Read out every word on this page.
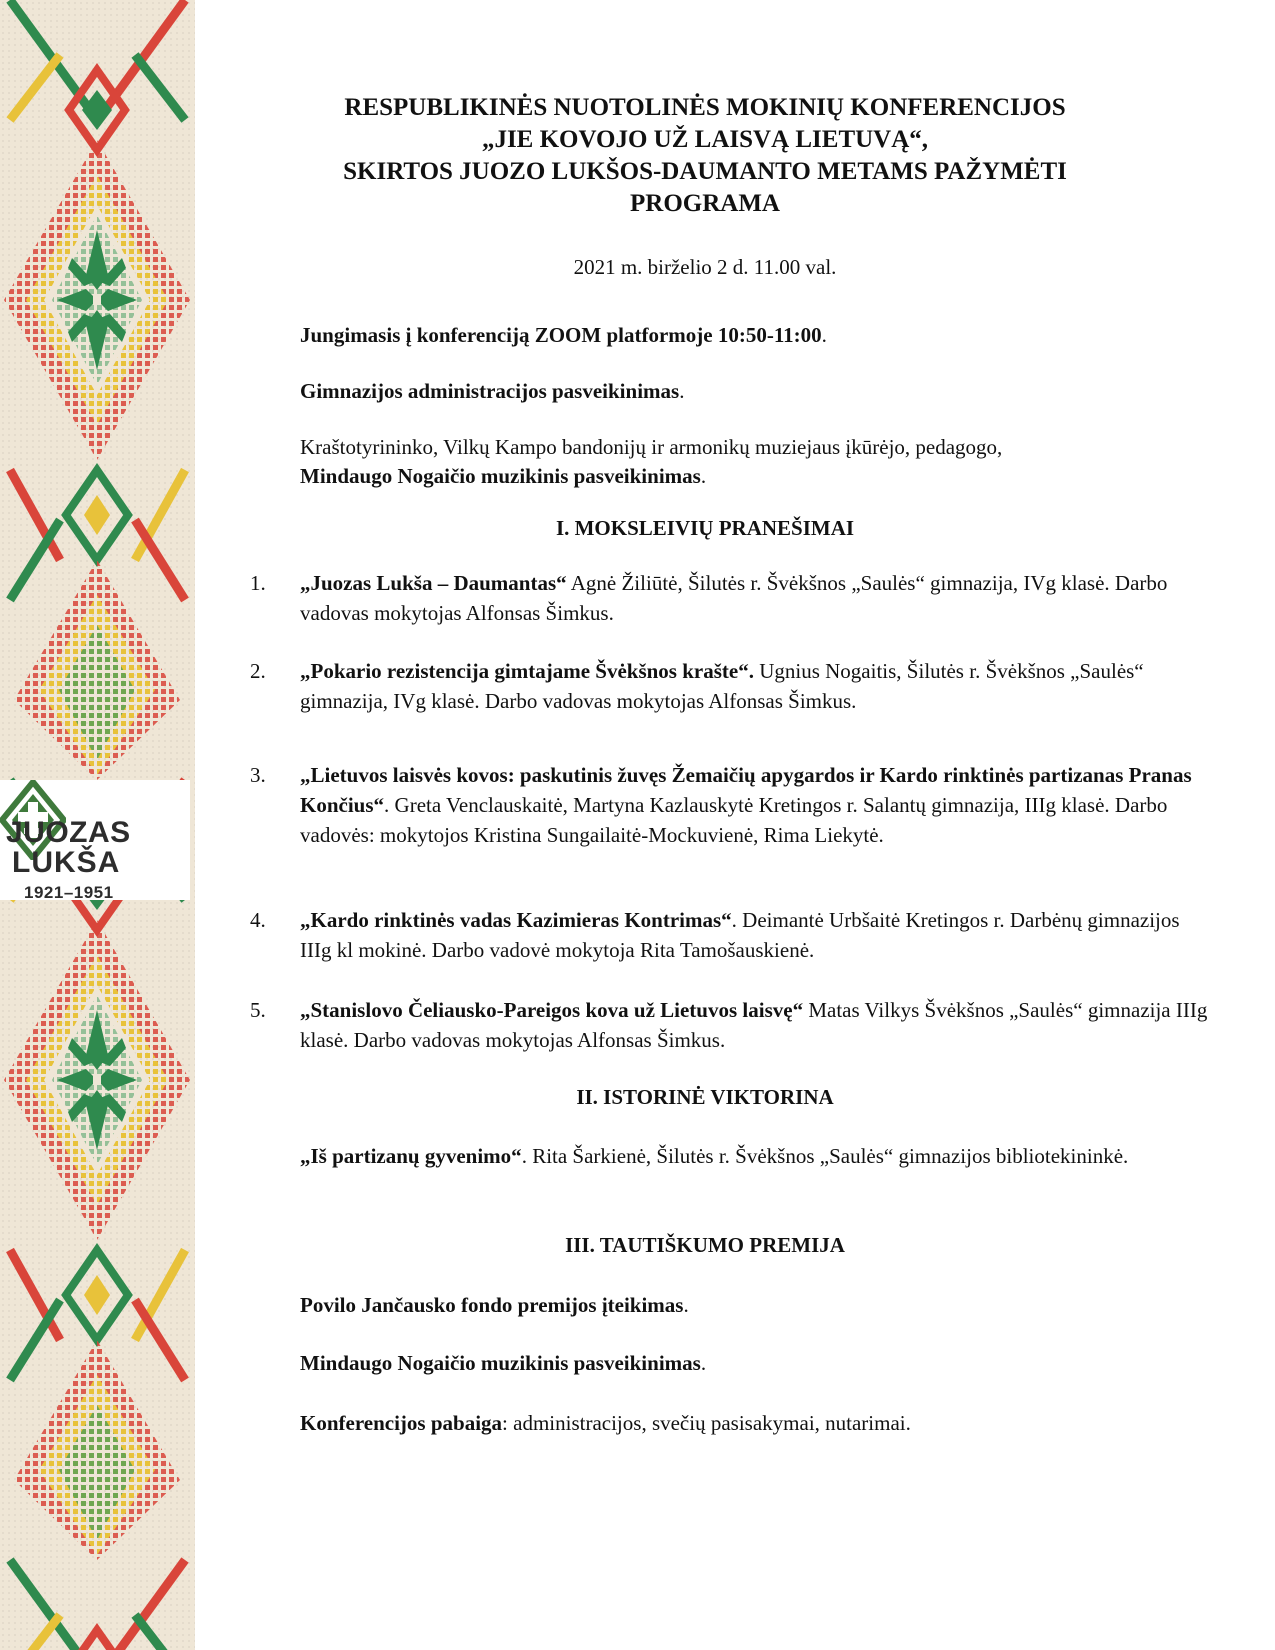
JUOZAS
LUKŠA
1921–1951
RESPUBLIKINĖS NUOTOLINĖS MOKINIŲ KONFERENCIJOS
„JIE KOVOJO UŽ LAISVĄ LIETUVĄ“,
SKIRTOS JUOZO LUKŠOS-DAUMANTO METAMS PAŽYMĖTI
PROGRAMA
2021 m. birželio 2 d. 11.00 val.
Jungimasis į konferenciją ZOOM platformoje 10:50-11:00.
Gimnazijos administracijos pasveikinimas.
Kraštotyrininko, Vilkų Kampo bandonijų ir armonikų muziejaus įkūrėjo, pedagogo,
Mindaugo Nogaičio muzikinis pasveikinimas.
I. MOKSLEIVIŲ PRANEŠIMAI
1.	„Juozas Lukša – Daumantas“ Agnė Žiliūtė, Šilutės r. Švėkšnos „Saulės“ gimnazija, IVg klasė. Darbo vadovas mokytojas Alfonsas Šimkus.
2.	„Pokario rezistencija gimtajame Švėkšnos krašte“. Ugnius Nogaitis, Šilutės r. Švėkšnos „Saulės“ gimnazija, IVg klasė. Darbo vadovas mokytojas Alfonsas Šimkus.
3.	„Lietuvos laisvės kovos: paskutinis žuvęs Žemaičių apygardos ir Kardo rinktinės partizanas Pranas Končius“. Greta Venclauskaitė, Martyna Kazlauskytė Kretingos r. Salantų gimnazija, IIIg klasė. Darbo vadovės: mokytojos Kristina Sungailaitė-Mockuvienė, Rima Liekytė.
4.	„Kardo rinktinės vadas Kazimieras Kontrimas“. Deimantė Urbšaitė Kretingos r. Darbėnų gimnazijos IIIg kl mokinė. Darbo vadovė mokytoja Rita Tamošauskienė.
5.	„Stanislovo Čeliausko-Pareigos kova už Lietuvos laisvę“ Matas Vilkys Švėkšnos „Saulės“ gimnazija IIIg klasė. Darbo vadovas mokytojas Alfonsas Šimkus.
II. ISTORINĖ VIKTORINA
„Iš partizanų gyvenimo“. Rita Šarkienė, Šilutės r. Švėkšnos „Saulės“ gimnazijos bibliotekininkė.
III. TAUTIŠKUMO PREMIJA
Povilo Jančausko fondo premijos įteikimas.
Mindaugo Nogaičio muzikinis pasveikinimas.
Konferencijos pabaiga: administracijos, svečių pasisakymai, nutarimai.
